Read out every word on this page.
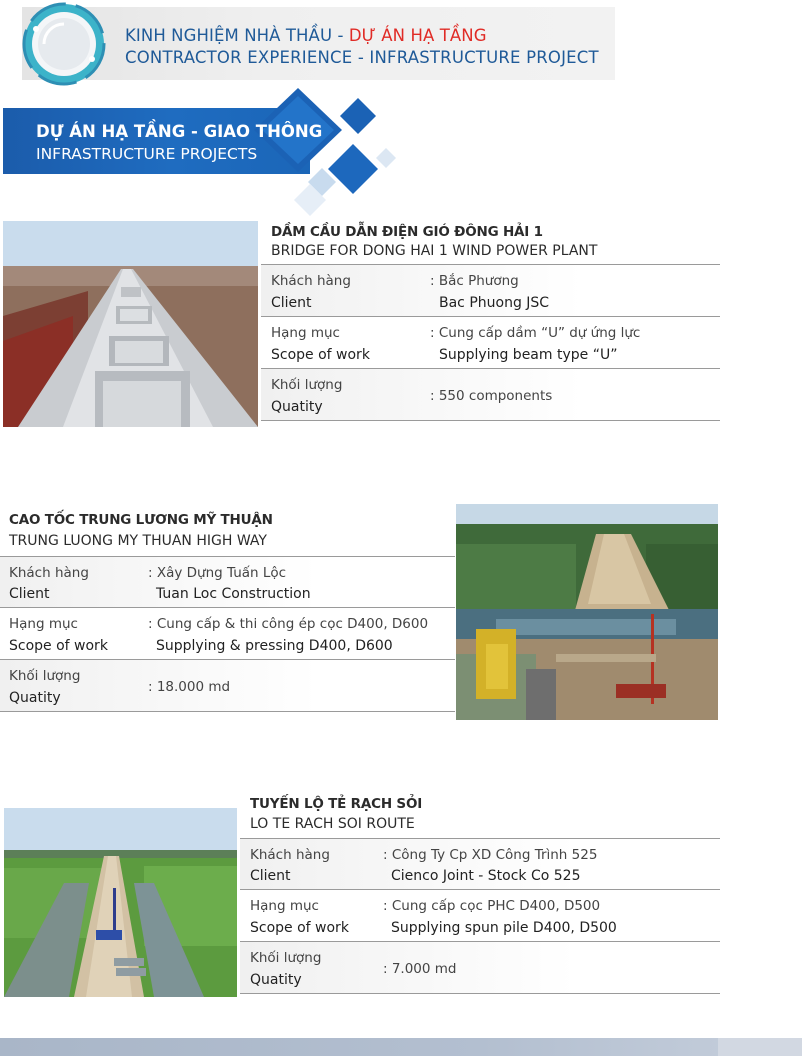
KINH NGHIỆM NHÀ THẦU - DỰ ÁN HẠ TẦNG
CONTRACTOR EXPERIENCE - INFRASTRUCTURE PROJECT
DỰ ÁN HẠ TẦNG - GIAO THÔNG
INFRASTRUCTURE PROJECTS
DẦM CẦU DẪN ĐIỆN GIÓ ĐÔNG HẢI 1
BRIDGE FOR DONG HAI 1 WIND POWER PLANT
Khách hàng
Client
: Bắc Phương
Bac Phuong JSC
Hạng mục
Scope of work
: Cung cấp dầm “U” dự ứng lực
Supplying beam type “U”
Khối lượng
Quatity
: 550 components
CAO TỐC TRUNG LƯƠNG MỸ THUẬN
TRUNG LUONG MY THUAN HIGH WAY
Khách hàng
Client
: Xây Dựng Tuấn Lộc
Tuan Loc Construction
Hạng mục
Scope of work
: Cung cấp & thi công ép cọc D400, D600
Supplying & pressing D400, D600
Khối lượng
Quatity
: 18.000 md
TUYẾN LỘ TẺ RẠCH SỎI
LO TE RACH SOI ROUTE
Khách hàng
Client
: Công Ty Cp XD Công Trình 525
Cienco Joint - Stock Co 525
Hạng mục
Scope of work
: Cung cấp cọc PHC D400, D500
Supplying spun pile D400, D500
Khối lượng
Quatity
: 7.000 md
